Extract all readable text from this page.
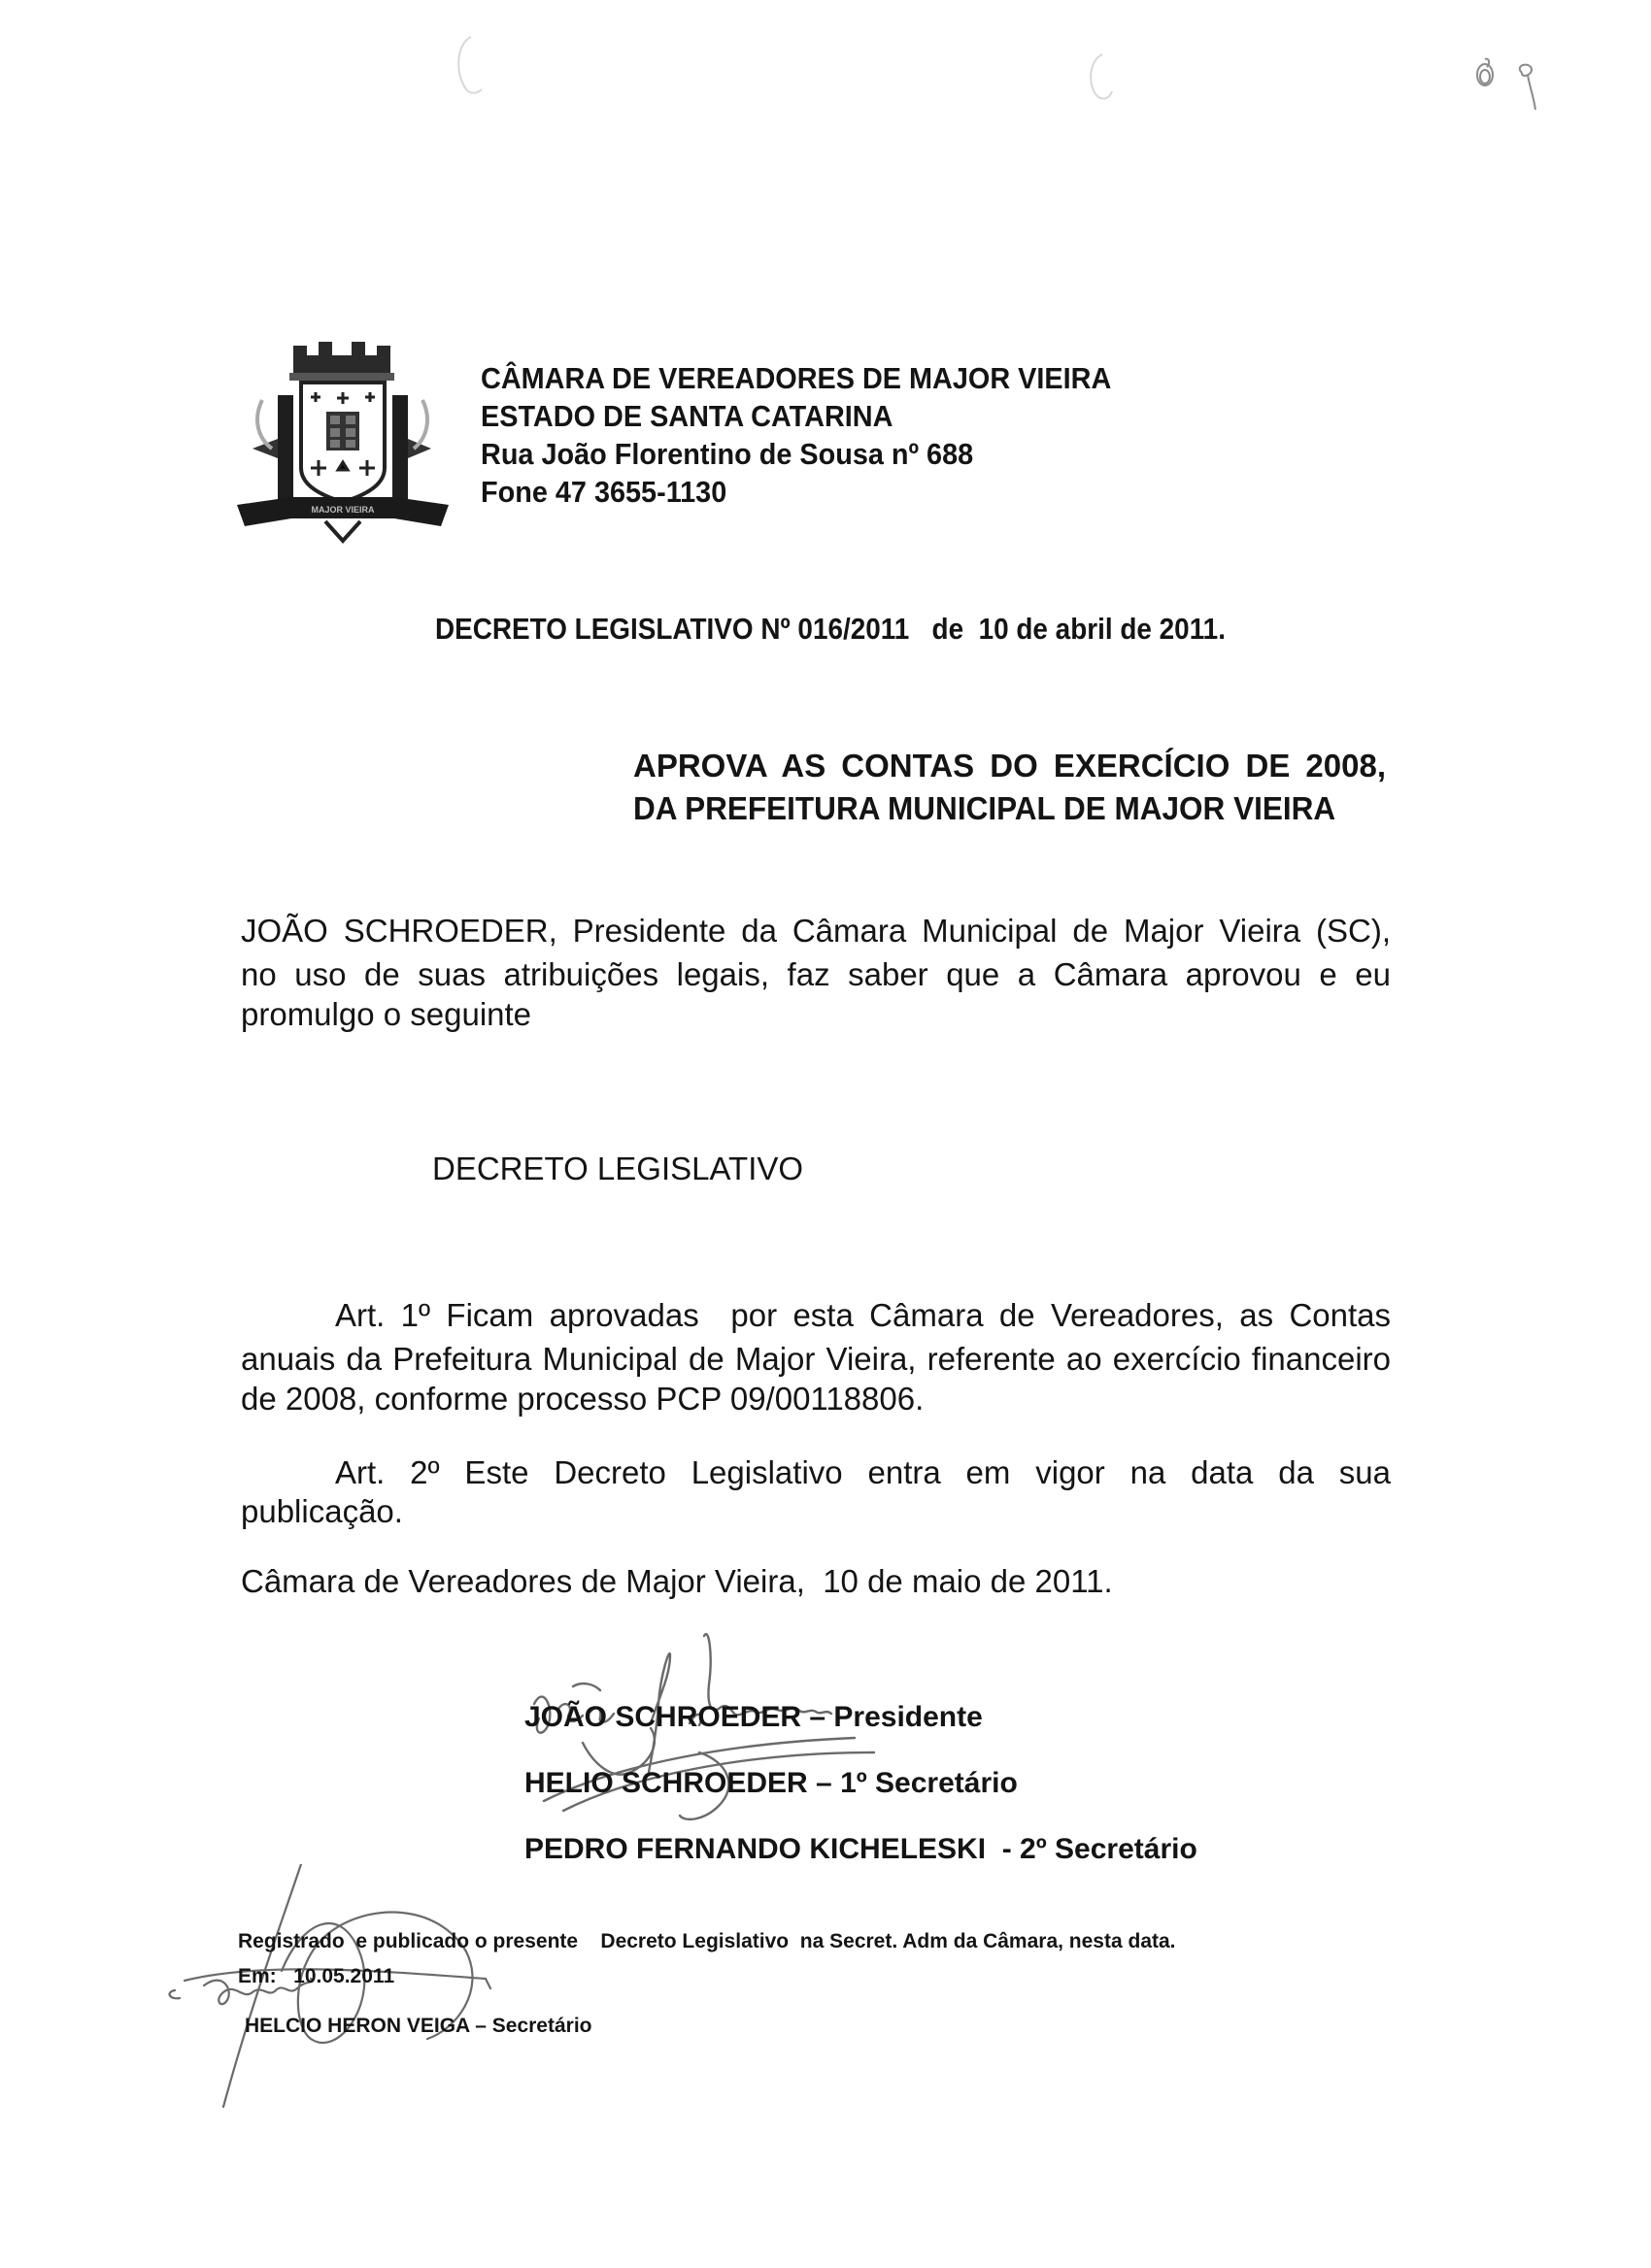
MAJOR VIEIRA
CÂMARA DE VEREADORES DE MAJOR VIEIRA
ESTADO DE SANTA CATARINA
Rua João Florentino de Sousa nº 688
Fone 47 3655-1130
DECRETO LEGISLATIVO Nº 016/2011 de  10 de abril de 2011.
APROVA AS CONTAS DO EXERCÍCIO DE 2008,
DA PREFEITURA MUNICIPAL DE MAJOR VIEIRA
JOÃO SCHROEDER, Presidente da Câmara Municipal de Major Vieira (SC),
no uso de suas atribuições legais, faz saber que a Câmara aprovou e eu
promulgo o seguinte
DECRETO LEGISLATIVO
Art. 1º Ficam aprovadas  por esta Câmara de Vereadores, as Contas
anuais da Prefeitura Municipal de Major Vieira, referente ao exercício financeiro
de 2008, conforme processo PCP 09/00118806.
Art. 2º Este Decreto Legislativo entra em vigor na data da sua
publicação.
Câmara de Vereadores de Major Vieira,  10 de maio de 2011.
JOÃO SCHROEDER – Presidente
HELIO SCHROEDER – 1º Secretário
PEDRO FERNANDO KICHELESKI  - 2º Secretário
Registrado  e publicado o presente    Decreto Legislativo  na Secret. Adm da Câmara, nesta data.
Em:   10.05.2011
HELCIO HERON VEIGA – Secretário
